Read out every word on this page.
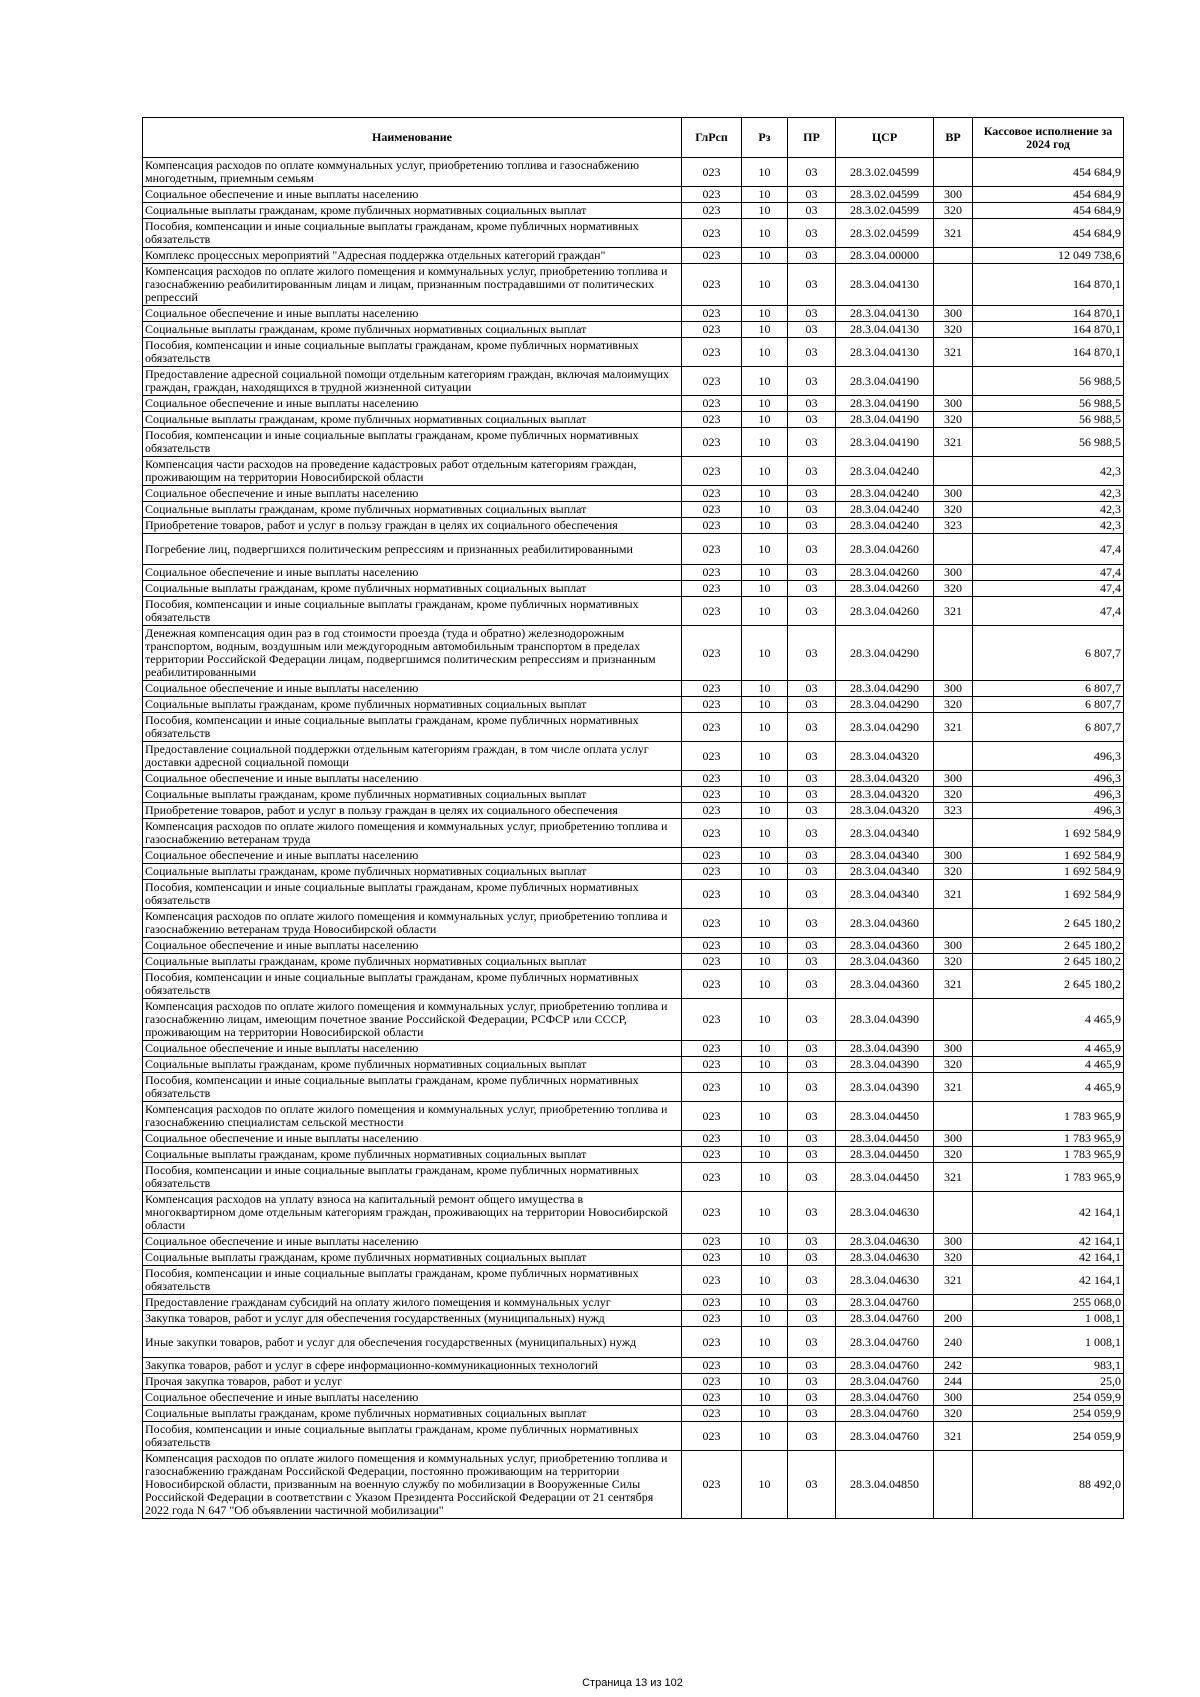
Наименование	ГлРсп	Рз	ПР	ЦСР	ВР	Кассовое исполнение за 2024 год
Компенсация расходов по оплате коммунальных услуг, приобретению топлива и газоснабжению многодетным, приемным семьям	023	10	03	28.3.02.04599		454 684,9
Социальное обеспечение и иные выплаты населению	023	10	03	28.3.02.04599	300	454 684,9
Социальные выплаты гражданам, кроме публичных нормативных социальных выплат	023	10	03	28.3.02.04599	320	454 684,9
Пособия, компенсации и иные социальные выплаты гражданам, кроме публичных нормативных обязательств	023	10	03	28.3.02.04599	321	454 684,9
Комплекс процессных мероприятий "Адресная поддержка отдельных категорий граждан"	023	10	03	28.3.04.00000		12 049 738,6
Компенсация расходов по оплате жилого помещения и коммунальных услуг, приобретению топлива и газоснабжению реабилитированным лицам и лицам, признанным пострадавшими от политических репрессий	023	10	03	28.3.04.04130		164 870,1
Социальное обеспечение и иные выплаты населению	023	10	03	28.3.04.04130	300	164 870,1
Социальные выплаты гражданам, кроме публичных нормативных социальных выплат	023	10	03	28.3.04.04130	320	164 870,1
Пособия, компенсации и иные социальные выплаты гражданам, кроме публичных нормативных обязательств	023	10	03	28.3.04.04130	321	164 870,1
Предоставление адресной социальной помощи отдельным категориям граждан, включая малоимущих граждан, граждан, находящихся в трудной жизненной ситуации	023	10	03	28.3.04.04190		56 988,5
Социальное обеспечение и иные выплаты населению	023	10	03	28.3.04.04190	300	56 988,5
Социальные выплаты гражданам, кроме публичных нормативных социальных выплат	023	10	03	28.3.04.04190	320	56 988,5
Пособия, компенсации и иные социальные выплаты гражданам, кроме публичных нормативных обязательств	023	10	03	28.3.04.04190	321	56 988,5
Компенсация части расходов на проведение кадастровых работ отдельным категориям граждан, проживающим на территории Новосибирской области	023	10	03	28.3.04.04240		42,3
Социальное обеспечение и иные выплаты населению	023	10	03	28.3.04.04240	300	42,3
Социальные выплаты гражданам, кроме публичных нормативных социальных выплат	023	10	03	28.3.04.04240	320	42,3
Приобретение товаров, работ и услуг в пользу граждан в целях их социального обеспечения	023	10	03	28.3.04.04240	323	42,3
Погребение лиц, подвергшихся политическим репрессиям и признанных реабилитированными	023	10	03	28.3.04.04260		47,4
Социальное обеспечение и иные выплаты населению	023	10	03	28.3.04.04260	300	47,4
Социальные выплаты гражданам, кроме публичных нормативных социальных выплат	023	10	03	28.3.04.04260	320	47,4
Пособия, компенсации и иные социальные выплаты гражданам, кроме публичных нормативных обязательств	023	10	03	28.3.04.04260	321	47,4
Денежная компенсация один раз в год стоимости проезда (туда и обратно) железнодорожным транспортом, водным, воздушным или междугородным автомобильным транспортом в пределах территории Российской Федерации лицам, подвергшимся политическим репрессиям и признанным реабилитированными	023	10	03	28.3.04.04290		6 807,7
Социальное обеспечение и иные выплаты населению	023	10	03	28.3.04.04290	300	6 807,7
Социальные выплаты гражданам, кроме публичных нормативных социальных выплат	023	10	03	28.3.04.04290	320	6 807,7
Пособия, компенсации и иные социальные выплаты гражданам, кроме публичных нормативных обязательств	023	10	03	28.3.04.04290	321	6 807,7
Предоставление социальной поддержки отдельным категориям граждан, в том числе оплата услуг доставки адресной социальной помощи	023	10	03	28.3.04.04320		496,3
Социальное обеспечение и иные выплаты населению	023	10	03	28.3.04.04320	300	496,3
Социальные выплаты гражданам, кроме публичных нормативных социальных выплат	023	10	03	28.3.04.04320	320	496,3
Приобретение товаров, работ и услуг в пользу граждан в целях их социального обеспечения	023	10	03	28.3.04.04320	323	496,3
Компенсация расходов по оплате жилого помещения и коммунальных услуг, приобретению топлива и газоснабжению ветеранам труда	023	10	03	28.3.04.04340		1 692 584,9
Социальное обеспечение и иные выплаты населению	023	10	03	28.3.04.04340	300	1 692 584,9
Социальные выплаты гражданам, кроме публичных нормативных социальных выплат	023	10	03	28.3.04.04340	320	1 692 584,9
Пособия, компенсации и иные социальные выплаты гражданам, кроме публичных нормативных обязательств	023	10	03	28.3.04.04340	321	1 692 584,9
Компенсация расходов по оплате жилого помещения и коммунальных услуг, приобретению топлива и газоснабжению ветеранам труда Новосибирской области	023	10	03	28.3.04.04360		2 645 180,2
Социальное обеспечение и иные выплаты населению	023	10	03	28.3.04.04360	300	2 645 180,2
Социальные выплаты гражданам, кроме публичных нормативных социальных выплат	023	10	03	28.3.04.04360	320	2 645 180,2
Пособия, компенсации и иные социальные выплаты гражданам, кроме публичных нормативных обязательств	023	10	03	28.3.04.04360	321	2 645 180,2
Компенсация расходов по оплате жилого помещения и коммунальных услуг, приобретению топлива и газоснабжению лицам, имеющим почетное звание Российской Федерации, РСФСР или СССР, проживающим на территории Новосибирской области	023	10	03	28.3.04.04390		4 465,9
Социальное обеспечение и иные выплаты населению	023	10	03	28.3.04.04390	300	4 465,9
Социальные выплаты гражданам, кроме публичных нормативных социальных выплат	023	10	03	28.3.04.04390	320	4 465,9
Пособия, компенсации и иные социальные выплаты гражданам, кроме публичных нормативных обязательств	023	10	03	28.3.04.04390	321	4 465,9
Компенсация расходов по оплате жилого помещения и коммунальных услуг, приобретению топлива и газоснабжению специалистам сельской местности	023	10	03	28.3.04.04450		1 783 965,9
Социальное обеспечение и иные выплаты населению	023	10	03	28.3.04.04450	300	1 783 965,9
Социальные выплаты гражданам, кроме публичных нормативных социальных выплат	023	10	03	28.3.04.04450	320	1 783 965,9
Пособия, компенсации и иные социальные выплаты гражданам, кроме публичных нормативных обязательств	023	10	03	28.3.04.04450	321	1 783 965,9
Компенсация расходов на уплату взноса на капитальный ремонт общего имущества в многоквартирном доме отдельным категориям граждан, проживающих на территории Новосибирской области	023	10	03	28.3.04.04630		42 164,1
Социальное обеспечение и иные выплаты населению	023	10	03	28.3.04.04630	300	42 164,1
Социальные выплаты гражданам, кроме публичных нормативных социальных выплат	023	10	03	28.3.04.04630	320	42 164,1
Пособия, компенсации и иные социальные выплаты гражданам, кроме публичных нормативных обязательств	023	10	03	28.3.04.04630	321	42 164,1
Предоставление гражданам субсидий на оплату жилого помещения и коммунальных услуг	023	10	03	28.3.04.04760		255 068,0
Закупка товаров, работ и услуг для обеспечения государственных (муниципальных) нужд	023	10	03	28.3.04.04760	200	1 008,1
Иные закупки товаров, работ и услуг для обеспечения государственных (муниципальных) нужд	023	10	03	28.3.04.04760	240	1 008,1
Закупка товаров, работ и услуг в сфере информационно-коммуникационных технологий	023	10	03	28.3.04.04760	242	983,1
Прочая закупка товаров, работ и услуг	023	10	03	28.3.04.04760	244	25,0
Социальное обеспечение и иные выплаты населению	023	10	03	28.3.04.04760	300	254 059,9
Социальные выплаты гражданам, кроме публичных нормативных социальных выплат	023	10	03	28.3.04.04760	320	254 059,9
Пособия, компенсации и иные социальные выплаты гражданам, кроме публичных нормативных обязательств	023	10	03	28.3.04.04760	321	254 059,9
Компенсация расходов по оплате жилого помещения и коммунальных услуг, приобретению топлива и газоснабжению гражданам Российской Федерации, постоянно проживающим на территории Новосибирской области, призванным на военную службу по мобилизации в Вооруженные Силы Российской Федерации в соответствии с Указом Президента Российской Федерации от 21 сентября 2022 года N 647 "Об объявлении частичной мобилизации"	023	10	03	28.3.04.04850		88 492,0
Страница 13 из 102
